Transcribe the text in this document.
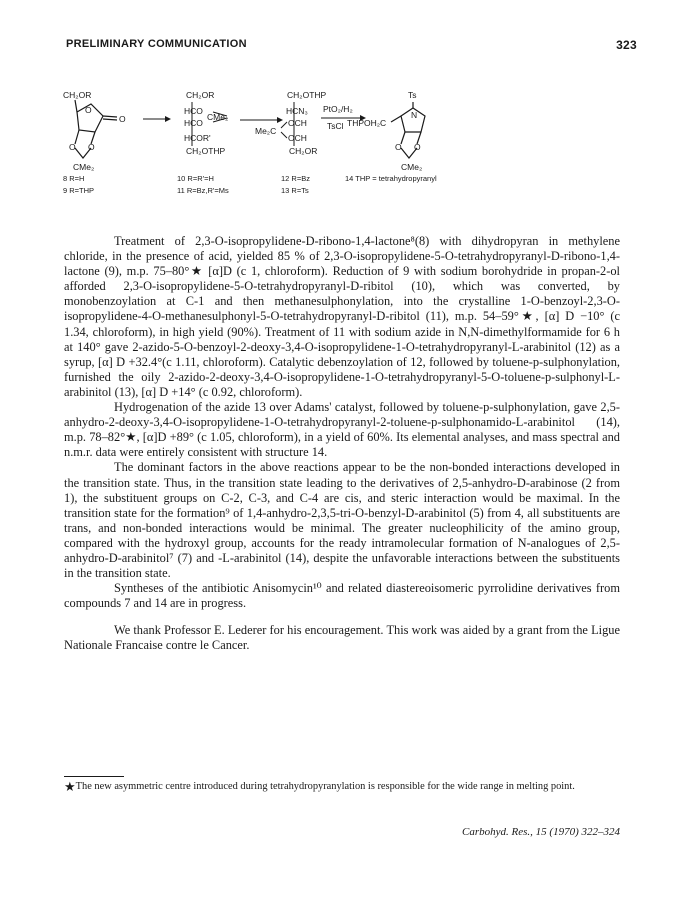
PRELIMINARY COMMUNICATION	323
CH₂OR
O
O
O O
CMe₂
CH₂OR
HCO
HCO
CMe₂
HCOR'
CH₂OTHP
CH₂OTHP
HCN₃
OCH
Me₂C
OCH
CH₂OR
PtO₂/H₂
TsCl
Ts
N
THPOH₂C
O O
CMe₂
8 R=H
9 R=THP
10 R=R'=H
11 R=Bz,R'=Ms
12 R=Bz
13 R=Ts
14 THP = tetrahydropyranyl

Treatment of 2,3-O-isopropylidene-D-ribono-1,4-lactone⁸(8) with dihydropyran in methylene chloride, in the presence of acid, yielded 85 % of 2,3-O-isopropylidene-5-O-tetrahydropyranyl-D-ribono-1,4-lactone (9), m.p. 75–80°★ [α]D (c 1, chloroform). Reduction of 9 with sodium borohydride in propan-2-ol afforded 2,3-O-isopropylidene-5-O-tetrahydropyranyl-D-ribitol (10), which was converted, by monobenzoylation at C-1 and then methanesulphonylation, into the crystalline 1-O-benzoyl-2,3-O-isopropylidene-4-O-methanesulphonyl-5-O-tetrahydropyranyl-D-ribitol (11), m.p. 54–59°★, [α] D −10° (c 1.34, chloroform), in high yield (90%). Treatment of 11 with sodium azide in N,N-dimethylformamide for 6 h at 140° gave 2-azido-5-O-benzoyl-2-deoxy-3,4-O-isopropylidene-1-O-tetrahydropyranyl-L-arabinitol (12) as a syrup, [α] D +32.4°(c 1.11, chloroform). Catalytic debenzoylation of 12, followed by toluene-p-sulphonylation, furnished the oily 2-azido-2-deoxy-3,4-O-isopropylidene-1-O-tetrahydropyranyl-5-O-toluene-p-sulphonyl-L-arabinitol (13), [α] D +14° (c 0.92, chloroform).

Hydrogenation of the azide 13 over Adams' catalyst, followed by toluene-p-sulphonylation, gave 2,5-anhydro-2-deoxy-3,4-O-isopropylidene-1-O-tetrahydropyranyl-2-toluene-p-sulphonamido-L-arabinitol (14), m.p. 78–82°★, [α]D +89° (c 1.05, chloroform), in a yield of 60%. Its elemental analyses, and mass spectral and n.m.r. data were entirely consistent with structure 14.

The dominant factors in the above reactions appear to be the non-bonded interactions developed in the transition state. Thus, in the transition state leading to the derivatives of 2,5-anhydro-D-arabinose (2 from 1), the substituent groups on C-2, C-3, and C-4 are cis, and steric interaction would be maximal. In the transition state for the formation⁹ of 1,4-anhydro-2,3,5-tri-O-benzyl-D-arabinitol (5) from 4, all substituents are trans, and non-bonded interactions would be minimal. The greater nucleophilicity of the amino group, compared with the hydroxyl group, accounts for the ready intramolecular formation of N-analogues of 2,5-anhydro-D-arabinitol⁷ (7) and -L-arabinitol (14), despite the unfavorable interactions between the substituents in the transition state.

Syntheses of the antibiotic Anisomycin¹⁰ and related diastereoisomeric pyrrolidine derivatives from compounds 7 and 14 are in progress.

We thank Professor E. Lederer for his encouragement. This work was aided by a grant from the Ligue Nationale Francaise contre le Cancer.

★The new asymmetric centre introduced during tetrahydropyranylation is responsible for the wide range in melting point.
Carbohyd. Res., 15 (1970) 322–324
